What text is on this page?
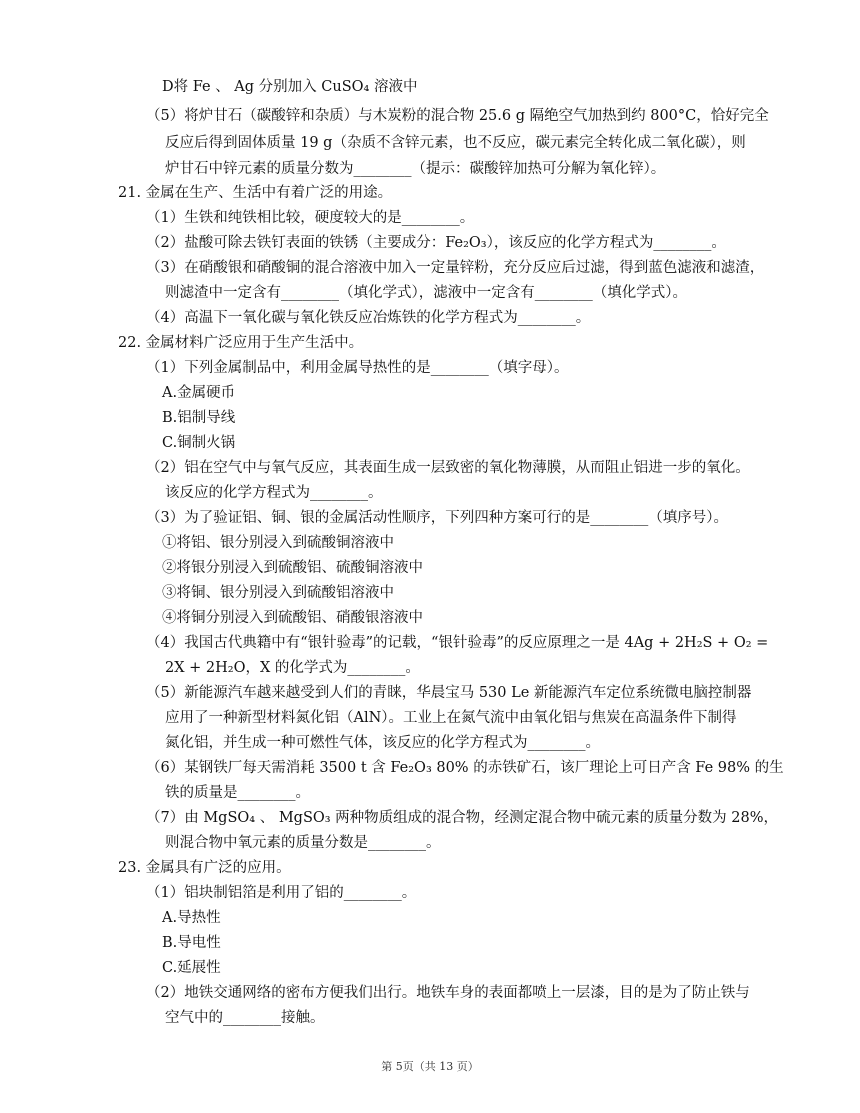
D将 Fe 、 Ag 分别加入 CuSO₄ 溶液中
（5）将炉甘石（碳酸锌和杂质）与木炭粉的混合物 25.6 g 隔绝空气加热到约 800°C，恰好完全
反应后得到固体质量 19 g（杂质不含锌元素，也不反应，碳元素完全转化成二氧化碳），则
炉甘石中锌元素的质量分数为________（提示：碳酸锌加热可分解为氧化锌）。
21. 金属在生产、生活中有着广泛的用途。
（1）生铁和纯铁相比较，硬度较大的是________。
（2）盐酸可除去铁钉表面的铁锈（主要成分：Fe₂O₃），该反应的化学方程式为________。
（3）在硝酸银和硝酸铜的混合溶液中加入一定量锌粉，充分反应后过滤，得到蓝色滤液和滤渣，
则滤渣中一定含有________（填化学式），滤液中一定含有________（填化学式）。
（4）高温下一氧化碳与氧化铁反应冶炼铁的化学方程式为________。
22. 金属材料广泛应用于生产生活中。
（1）下列金属制品中，利用金属导热性的是________（填字母）。
A.金属硬币
B.铝制导线
C.铜制火锅
（2）铝在空气中与氧气反应，其表面生成一层致密的氧化物薄膜，从而阻止铝进一步的氧化。
该反应的化学方程式为________。
（3）为了验证铝、铜、银的金属活动性顺序，下列四种方案可行的是________（填序号）。
①将铝、银分别浸入到硫酸铜溶液中
②将银分别浸入到硫酸铝、硫酸铜溶液中
③将铜、银分别浸入到硫酸铝溶液中
④将铜分别浸入到硫酸铝、硝酸银溶液中
（4）我国古代典籍中有“银针验毒”的记载，“银针验毒”的反应原理之一是 4Ag + 2H₂S + O₂ =
2X + 2H₂O，X 的化学式为________。
（5）新能源汽车越来越受到人们的青睐，华晨宝马 530 Le 新能源汽车定位系统微电脑控制器
应用了一种新型材料氮化铝（AlN）。工业上在氮气流中由氧化铝与焦炭在高温条件下制得
氮化铝，并生成一种可燃性气体，该反应的化学方程式为________。
（6）某钢铁厂每天需消耗 3500 t 含 Fe₂O₃ 80% 的赤铁矿石，该厂理论上可日产含 Fe 98% 的生
铁的质量是________。
（7）由 MgSO₄ 、 MgSO₃ 两种物质组成的混合物，经测定混合物中硫元素的质量分数为 28%，
则混合物中氧元素的质量分数是________。
23. 金属具有广泛的应用。
（1）铝块制铝箔是利用了铝的________。
A.导热性
B.导电性
C.延展性
（2）地铁交通网络的密布方便我们出行。地铁车身的表面都喷上一层漆，目的是为了防止铁与
空气中的________接触。
第 5页（共 13 页）
